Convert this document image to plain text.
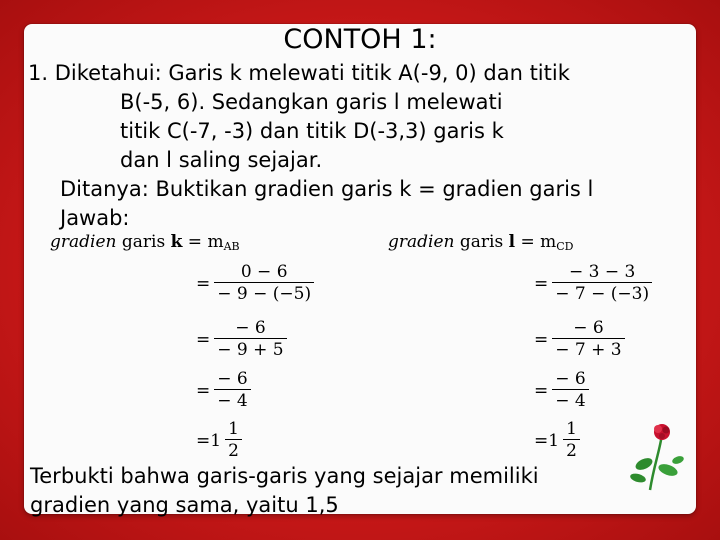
CONTOH 1:
1. Diketahui: Garis k melewati titik A(-9, 0) dan titik
B(-5, 6). Sedangkan garis l melewati
titik C(-7, -3) dan titik D(-3,3) garis k
dan l saling sejajar.
Ditanya: Buktikan gradien garis k = gradien garis l
Jawab:
gradien garis $k = m_{AB}$
= $\frac{0 - 6}{- 9 - (-5)}$
= $\frac{- 6}{- 9 + 5}$
= $\frac{- 6}{- 4}$
$=1 \frac{1}{2}$
gradien garis $l = m_{CD}$
= $\frac{- 3 - 3}{- 7 - (-3)}$
= $\frac{- 6}{- 7 + 3}$
= $\frac{- 6}{- 4}$
$=1 \frac{1}{2}$
Terbukti bahwa garis-garis yang sejajar memiliki
gradien yang sama, yaitu 1,5
